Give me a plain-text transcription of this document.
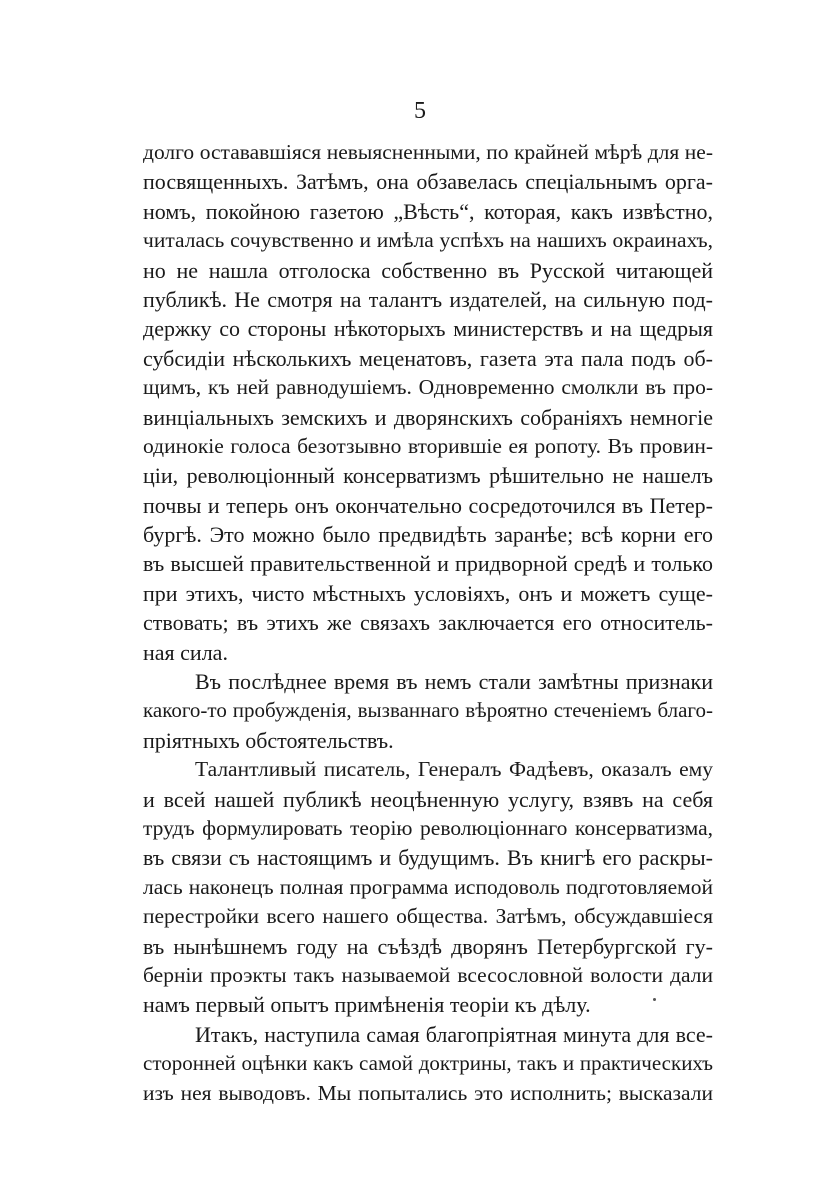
5
долго остававшiяся невыясненными, по крайней мѣрѣ для не-
посвященныхъ. Затѣмъ, она обзавелась спецiальнымъ орга-
номъ, покойною газетою „Вѣсть“, которая, какъ извѣстно,
читалась сочувственно и имѣла успѣхъ на нашихъ окраинахъ,
но не нашла отголоска собственно въ Русской читающей
публикѣ. Не смотря на талантъ издателей, на сильную под-
держку со стороны нѣкоторыхъ министерствъ и на щедрыя
субсидiи нѣсколькихъ меценатовъ, газета эта пала подъ об-
щимъ, къ ней равнодушiемъ. Одновременно смолкли въ про-
винцiальныхъ земскихъ и дворянскихъ собранiяхъ немногiе
одинокiе голоса безотзывно вторившiе ея ропоту. Въ провин-
цiи, революцiонный консерватизмъ рѣшительно не нашелъ
почвы и теперь онъ окончательно сосредоточился въ Петер-
бургѣ. Это можно было предвидѣть заранѣе; всѣ корни его
въ высшей правительственной и придворной средѣ и только
при этихъ, чисто мѣстныхъ условiяхъ, онъ и можетъ суще-
ствовать; въ этихъ же связахъ заключается его относитель-
ная сила.
Въ послѣднее время въ немъ стали замѣтны признаки
какого-то пробужденiя, вызваннаго вѣроятно стеченiемъ благо-
прiятныхъ обстоятельствъ.
Талантливый писатель, Генералъ Фадѣевъ, оказалъ ему
и всей нашей публикѣ неоцѣненную услугу, взявъ на себя
трудъ формулировать теорiю революцiоннаго консерватизма,
въ связи съ настоящимъ и будущимъ. Въ книгѣ его раскры-
лась наконецъ полная программа исподоволь подготовляемой
перестройки всего нашего общества. Затѣмъ, обсуждавшiеся
въ нынѣшнемъ году на съѣздѣ дворянъ Петербургской гу-
бернiи проэкты такъ называемой всесословной волости дали
намъ первый опытъ примѣненiя теорiи къ дѣлу.
Итакъ, наступила самая благопрiятная минута для все-
сторонней оцѣнки какъ самой доктрины, такъ и практическихъ
изъ нея выводовъ. Мы попытались это исполнить; высказали
